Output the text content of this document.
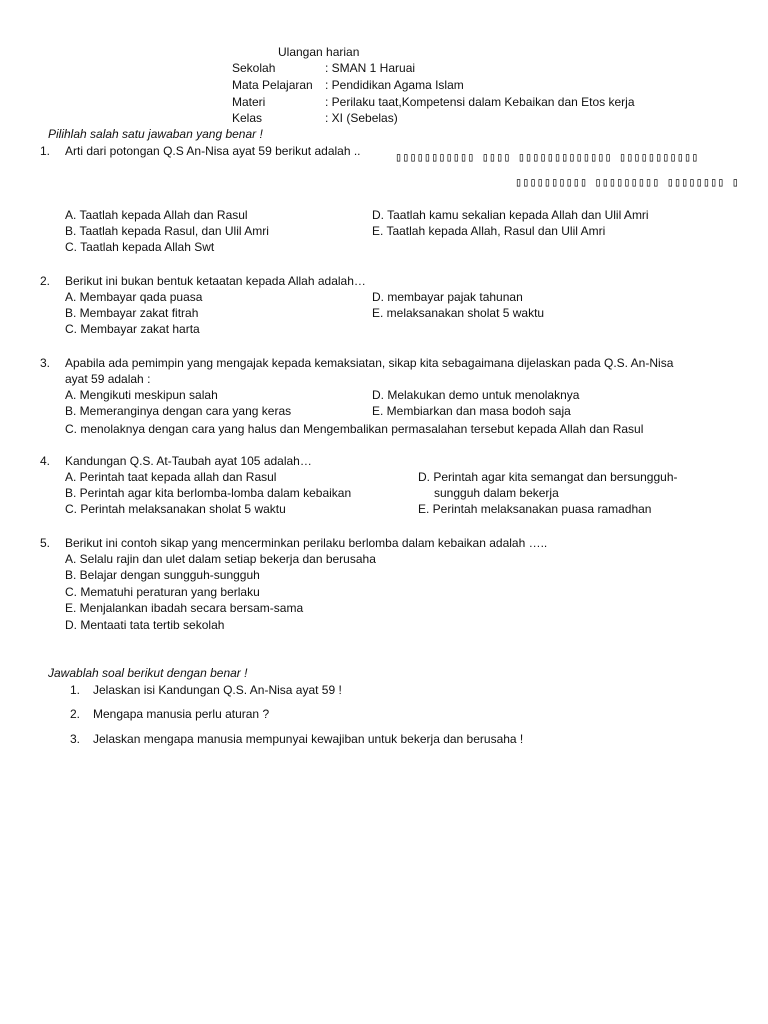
Ulangan harian
Sekolah	: SMAN 1 Haruai
Mata Pelajaran : Pendidikan Agama Islam
Materi	: Perilaku taat,Kompetensi dalam Kebaikan dan Etos kerja
Kelas	: XI (Sebelas)
Pilihlah salah satu jawaban yang benar !
1. Arti dari potongan Q.S An-Nisa ayat 59 berikut adalah ..	▯▯▯▯▯▯▯▯▯▯▯ ▯▯▯▯ ▯▯▯▯▯▯▯▯▯▯▯▯▯ ▯▯▯▯▯▯▯▯▯▯▯
▯▯▯▯▯▯▯▯▯▯ ▯▯▯▯▯▯▯▯▯ ▯▯▯▯▯▯▯▯ ▯
A. Taatlah kepada Allah dan Rasul
B. Taatlah kepada Rasul, dan Ulil Amri
C. Taatlah kepada Allah Swt
D. Taatlah kamu sekalian kepada Allah dan Ulil Amri
E. Taatlah kepada Allah, Rasul dan Ulil Amri
2. Berikut ini bukan bentuk ketaatan kepada Allah adalah…
A. Membayar qada puasa
B. Membayar zakat fitrah
C. Membayar zakat harta
D. membayar pajak tahunan
E. melaksanakan sholat 5 waktu
3. Apabila ada pemimpin yang mengajak kepada kemaksiatan, sikap kita sebagaimana dijelaskan pada Q.S. An-Nisa
ayat 59 adalah :
A. Mengikuti meskipun salah
B. Memeranginya dengan cara yang keras
C. menolaknya dengan cara yang halus dan Mengembalikan permasalahan tersebut kepada Allah dan Rasul
D. Melakukan demo untuk menolaknya
E. Membiarkan dan masa bodoh saja
4. Kandungan Q.S. At-Taubah ayat 105 adalah…
A. Perintah taat kepada allah dan Rasul
B. Perintah agar kita berlomba-lomba dalam kebaikan
C. Perintah melaksanakan sholat 5 waktu
D. Perintah agar kita semangat dan bersungguh-
sungguh dalam bekerja
E. Perintah melaksanakan puasa ramadhan
5. Berikut ini contoh sikap yang mencerminkan perilaku berlomba dalam kebaikan adalah …..
A. Selalu rajin dan ulet dalam setiap bekerja dan berusaha
B. Belajar dengan sungguh-sungguh
C. Mematuhi peraturan yang berlaku
E. Menjalankan ibadah secara bersam-sama
D. Mentaati tata tertib sekolah
Jawablah soal berikut dengan benar !
1. Jelaskan isi Kandungan Q.S. An-Nisa ayat 59 !
2. Mengapa manusia perlu aturan ?
3. Jelaskan mengapa manusia mempunyai kewajiban untuk bekerja dan berusaha !
